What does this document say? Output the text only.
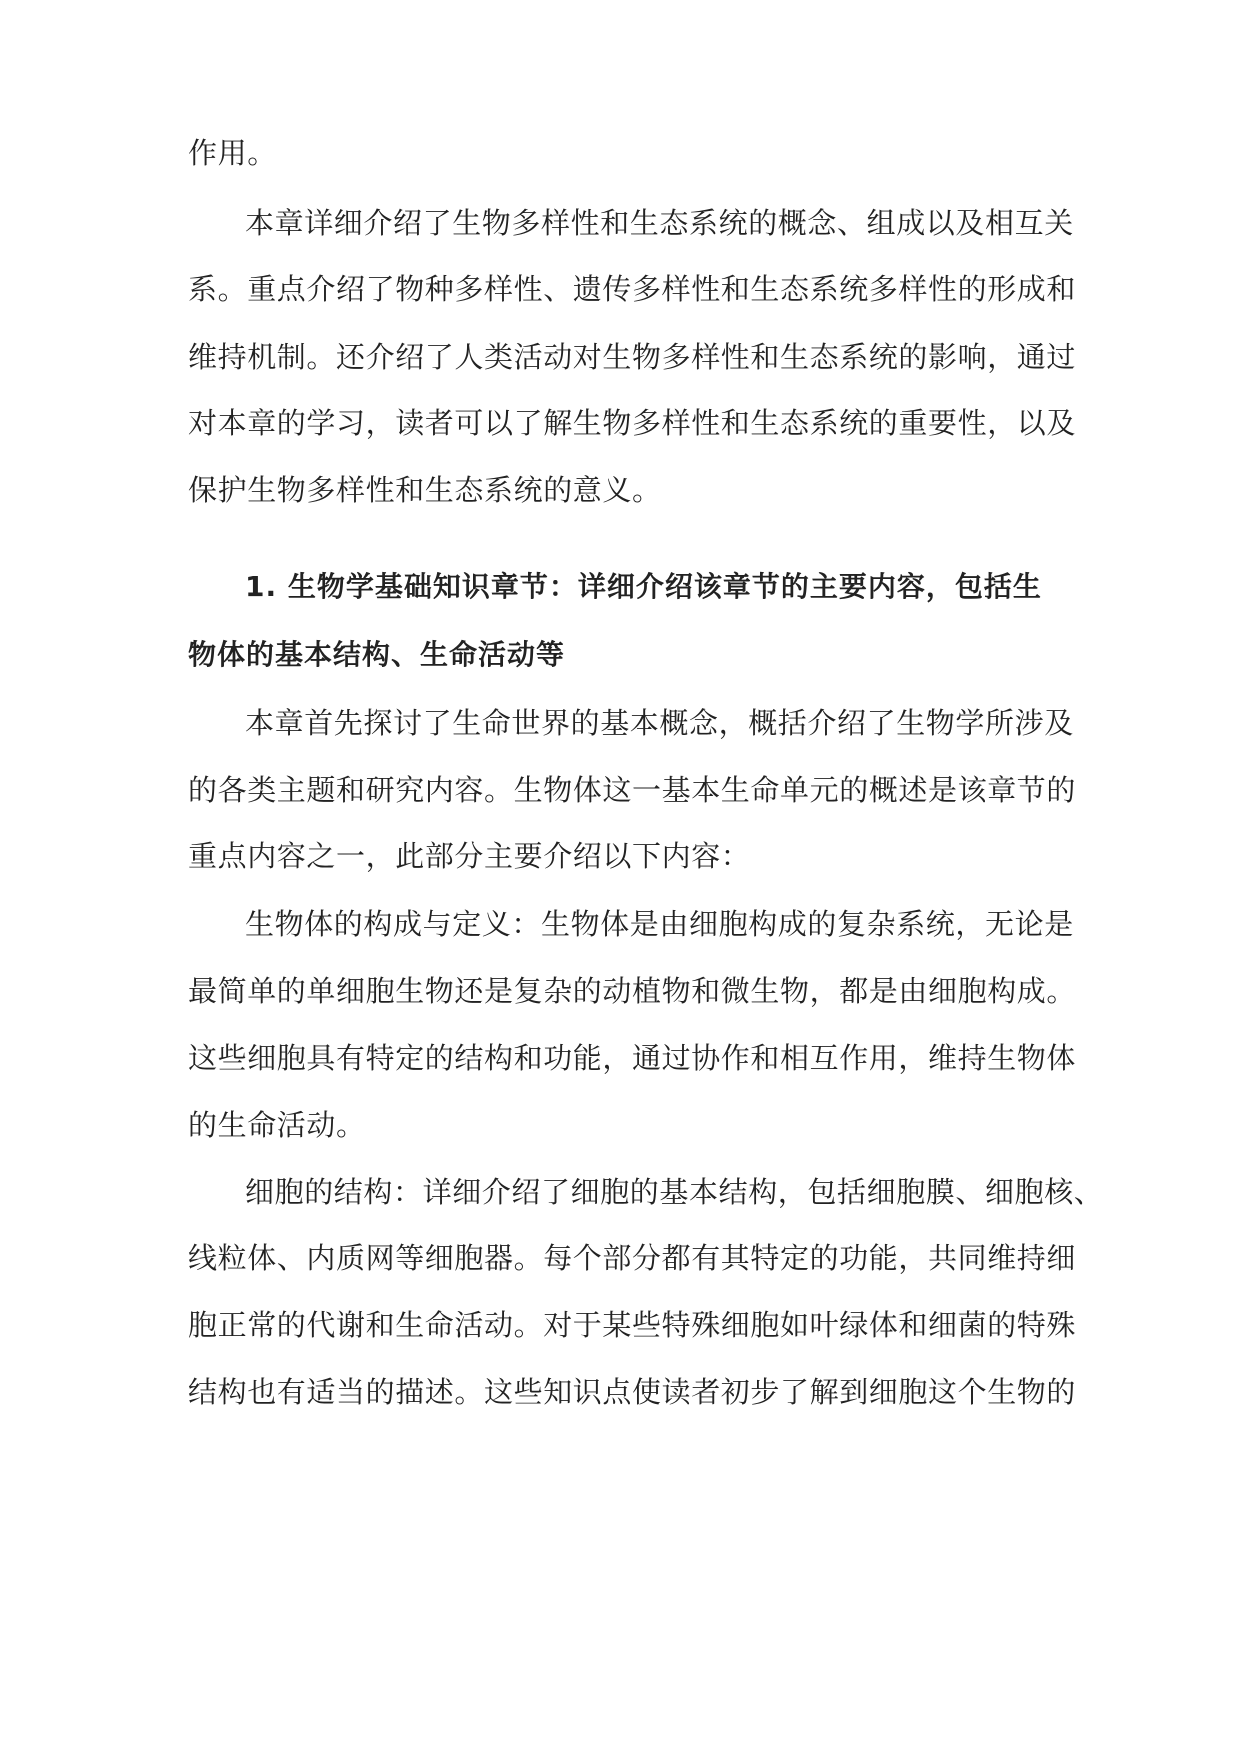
作用。
本章详细介绍了生物多样性和生态系统的概念、组成以及相互关
系。重点介绍了物种多样性、遗传多样性和生态系统多样性的形成和
维持机制。还介绍了人类活动对生物多样性和生态系统的影响，通过
对本章的学习，读者可以了解生物多样性和生态系统的重要性，以及
保护生物多样性和生态系统的意义。
1. 生物学基础知识章节：详细介绍该章节的主要内容，包括生
物体的基本结构、生命活动等
本章首先探讨了生命世界的基本概念，概括介绍了生物学所涉及
的各类主题和研究内容。生物体这一基本生命单元的概述是该章节的
重点内容之一，此部分主要介绍以下内容：
生物体的构成与定义：生物体是由细胞构成的复杂系统，无论是
最简单的单细胞生物还是复杂的动植物和微生物，都是由细胞构成。
这些细胞具有特定的结构和功能，通过协作和相互作用，维持生物体
的生命活动。
细胞的结构：详细介绍了细胞的基本结构，包括细胞膜、细胞核、
线粒体、内质网等细胞器。每个部分都有其特定的功能，共同维持细
胞正常的代谢和生命活动。对于某些特殊细胞如叶绿体和细菌的特殊
结构也有适当的描述。这些知识点使读者初步了解到细胞这个生物的
